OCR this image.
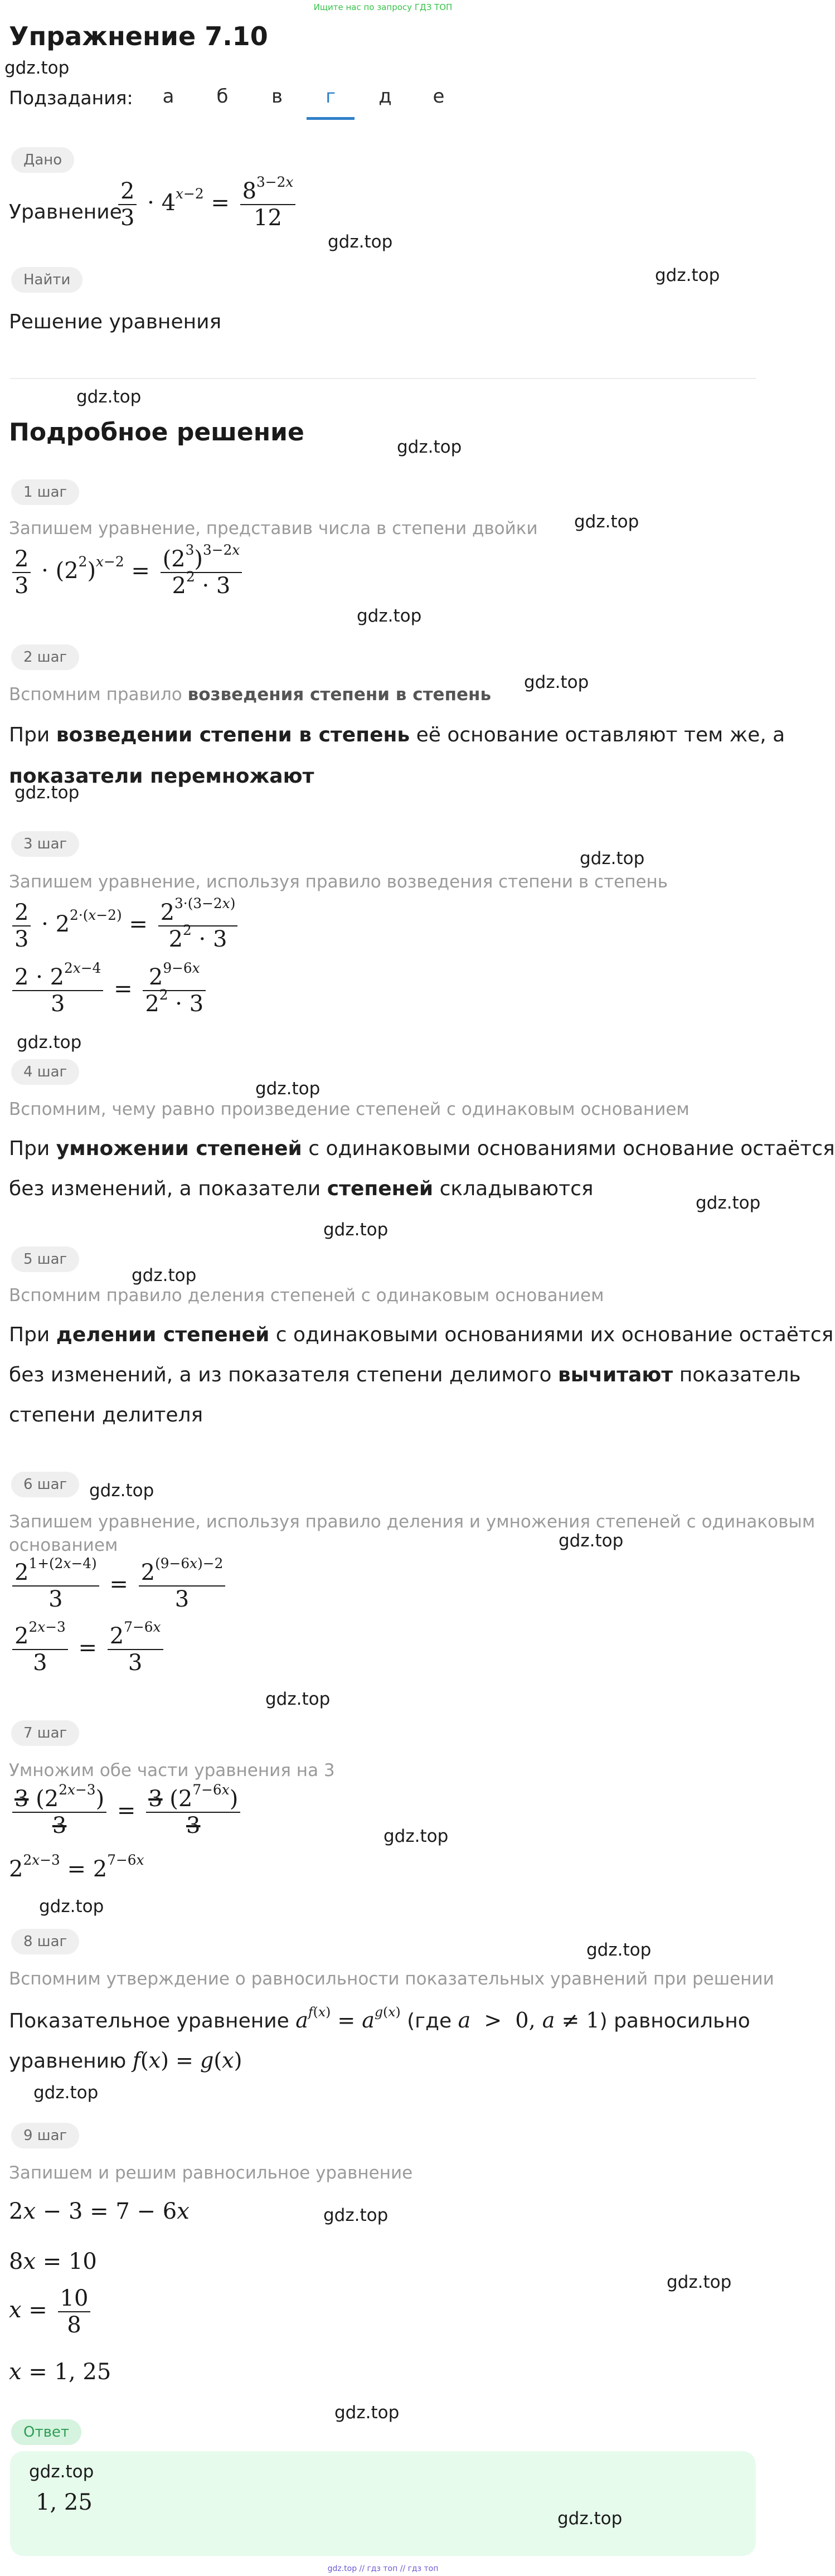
Ищите нас по запросу ГДЗ ТОП
Упражнение 7.10
gdz.top
Подзадания:	а	б	в	г	д	е
Дано
Уравнение
$\frac{2}{3} \cdot 4^{x-2} = \frac{8^{3-2x}}{12}$
gdz.top
Найти	gdz.top
Решение уравнения
gdz.top
Подробное решение
gdz.top
1 шаг
gdz.top
Запишем уравнение, представив числа в степени двойки
$\frac{2}{3} \cdot (2^2)^{x-2} = \frac{(2^3)^{3-2x}}{2^2 \cdot 3}$
gdz.top
2 шаг
gdz.top
Вспомним правило возведения степени в степень
При возведении степени в степень её основание оставляют тем же, а
показатели перемножают
gdz.top
3 шаг
gdz.top
Запишем уравнение, используя правило возведения степени в степень
$\frac{2}{3} \cdot 2^{2\cdot(x-2)} = \frac{2^{3\cdot(3-2x)}}{2^2 \cdot 3}$
$\frac{2 \cdot 2^{2x-4}}{3} = \frac{2^{9-6x}}{2^2 \cdot 3}$
gdz.top
4 шаг
gdz.top
Вспомним, чему равно произведение степеней с одинаковым основанием
При умножении степеней с одинаковыми основаниями основание остаётся
gdz.top
без изменений, а показатели степеней складываются
gdz.top
5 шаг
gdz.top
Вспомним правило деления степеней с одинаковым основанием
При делении степеней с одинаковыми основаниями их основание остаётся
без изменений, а из показателя степени делимого вычитают показатель
степени делителя
6 шаг	gdz.top
Запишем уравнение, используя правило деления и умножения степеней с одинаковым
основанием	gdz.top
$\frac{2^{1+(2x-4)}}{3} = \frac{2^{(9-6x)-2}}{3}$
$\frac{2^{2x-3}}{3} = \frac{2^{7-6x}}{3}$
gdz.top
7 шаг
Умножим обе части уравнения на 3
$\frac{3 (2^{2x-3})}{3} = \frac{3 (2^{7-6x})}{3}$	gdz.top
$2^{2x-3} = 2^{7-6x}$
gdz.top
8 шаг	gdz.top
Вспомним утверждение о равносильности показательных уравнений при решении
Показательное уравнение $a^{f(x)} = a^{g(x)}$ (где a  >  0, a ≠ 1) равносильно
уравнению f(x) = g(x)
gdz.top
9 шаг
Запишем и решим равносильное уравнение
2x − 3 = 7 − 6x	gdz.top
8x = 10
gdz.top
$x = \frac{10}{8}$
x = 1, 25
gdz.top
Ответ
gdz.top
1, 25
gdz.top
gdz.top // гдз топ // гдз топ
